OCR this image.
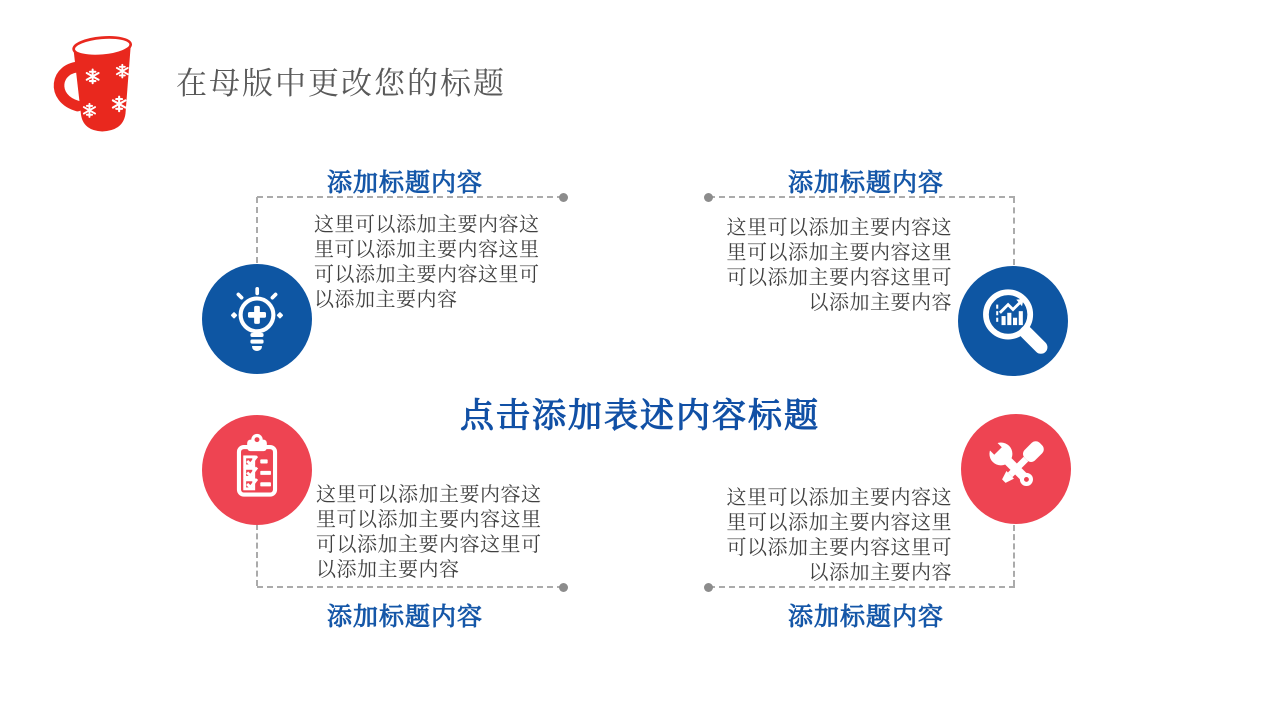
在母版中更改您的标题
添加标题内容	添加标题内容
添加标题内容	添加标题内容
这里可以添加主要内容这
里可以添加主要内容这里
可以添加主要内容这里可
以添加主要内容
这里可以添加主要内容这
里可以添加主要内容这里
可以添加主要内容这里可
以添加主要内容
这里可以添加主要内容这
里可以添加主要内容这里
可以添加主要内容这里可
以添加主要内容
这里可以添加主要内容这
里可以添加主要内容这里
可以添加主要内容这里可
以添加主要内容
点击添加表述内容标题
